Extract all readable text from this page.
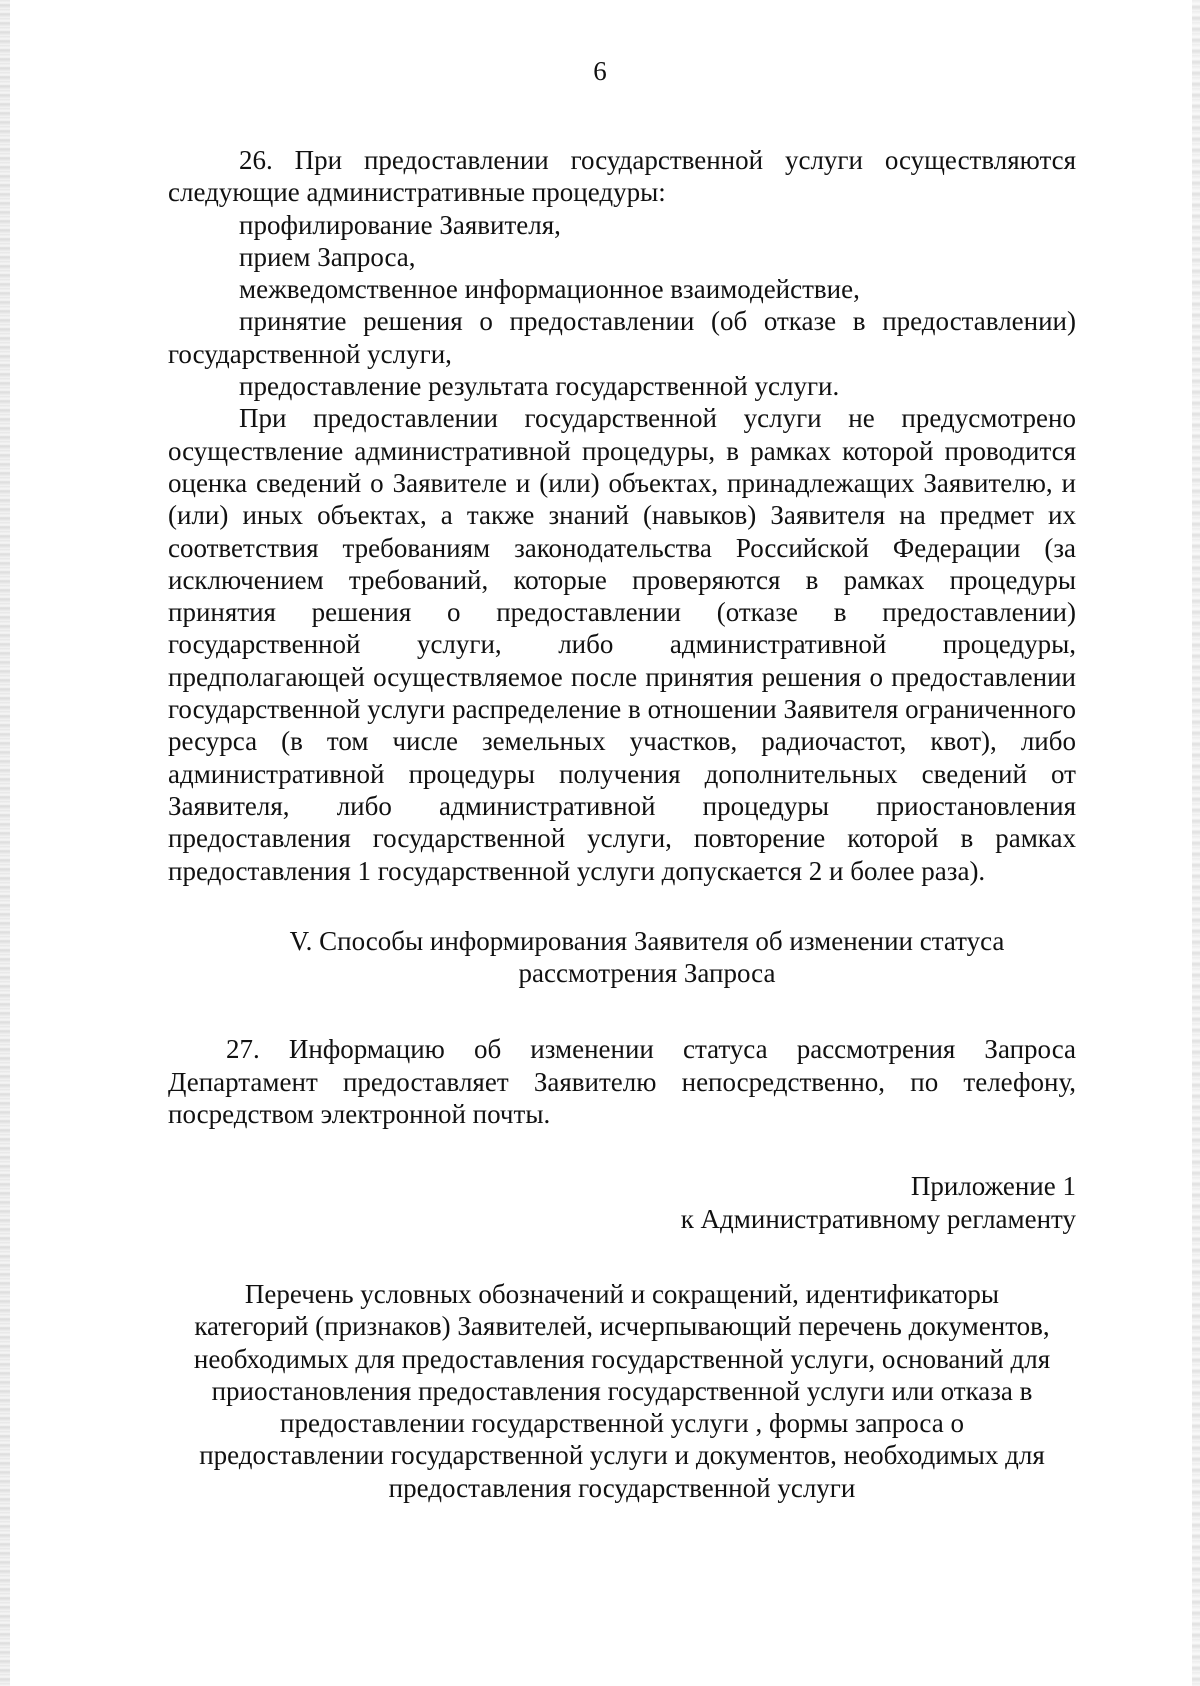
6

26. При предоставлении государственной услуги осуществляются следующие административные процедуры:

профилирование Заявителя,

прием Запроса,

межведомственное информационное взаимодействие,

принятие решения о предоставлении (об отказе в предоставлении) государственной услуги,

предоставление результата государственной услуги.

При предоставлении государственной услуги не предусмотрено осуществление административной процедуры, в рамках которой проводится оценка сведений о Заявителе и (или) объектах, принадлежащих Заявителю, и (или) иных объектах, а также знаний (навыков) Заявителя на предмет их соответствия требованиям законодательства Российской Федерации (за исключением требований, которые проверяются в рамках процедуры принятия решения о предоставлении (отказе в предоставлении) государственной услуги, либо административной процедуры, предполагающей осуществляемое после принятия решения о предоставлении государственной услуги распределение в отношении Заявителя ограниченного ресурса (в том числе земельных участков, радиочастот, квот), либо административной процедуры получения дополнительных сведений от Заявителя, либо административной процедуры приостановления предоставления государственной услуги, повторение которой в рамках предоставления 1 государственной услуги допускается 2 и более раза).

V. Способы информирования Заявителя об изменении статуса
рассмотрения Запроса

27. Информацию об изменении статуса рассмотрения Запроса Департамент предоставляет Заявителю непосредственно, по телефону, посредством электронной почты.

Приложение 1
к Административному регламенту
Перечень условных обозначений и сокращений, идентификаторы
категорий (признаков) Заявителей, исчерпывающий перечень документов,
необходимых для предоставления государственной услуги, оснований для
приостановления предоставления государственной услуги или отказа в
предоставлении государственной услуги , формы запроса о
предоставлении государственной услуги и документов, необходимых для
предоставления государственной услуги
